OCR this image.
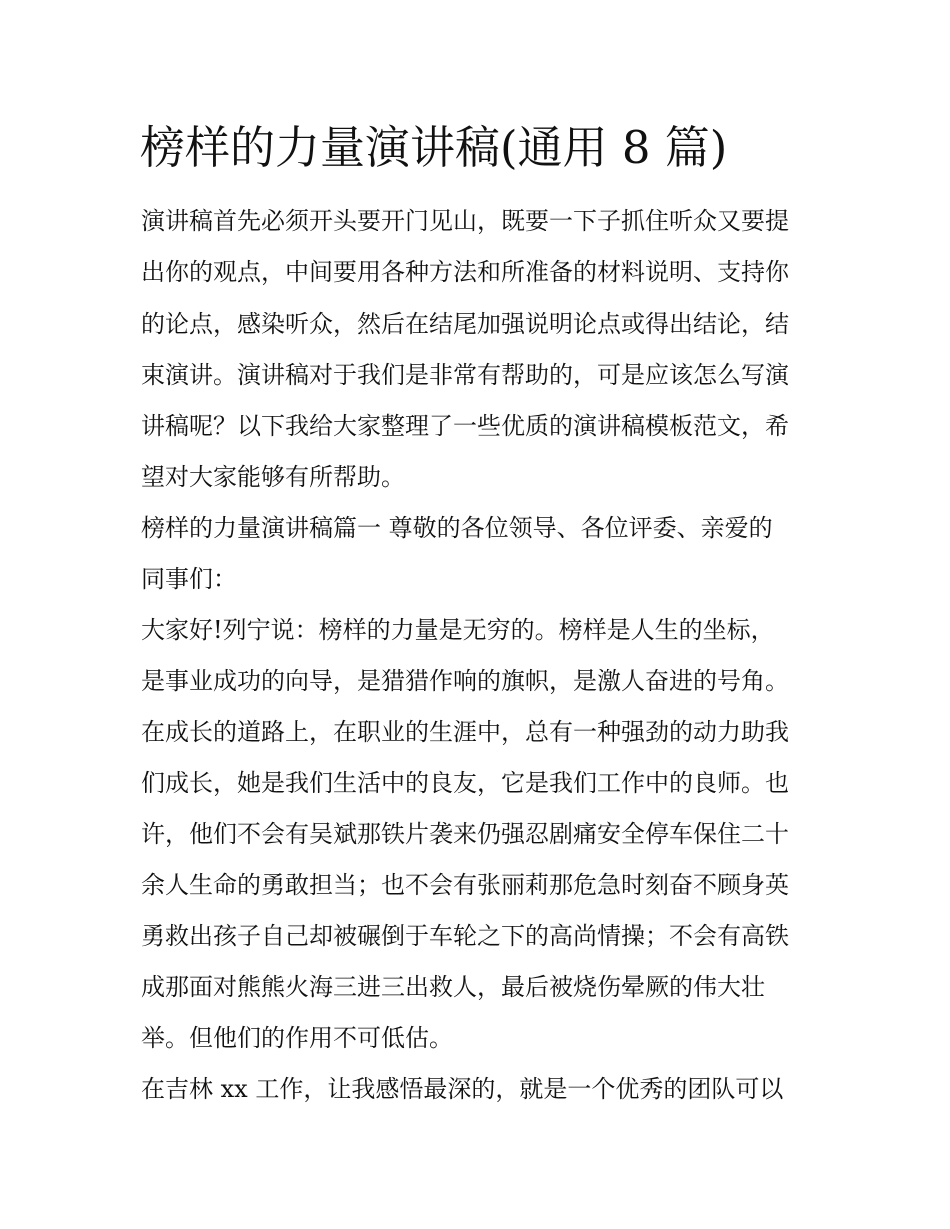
榜样的力量演讲稿(通用 8 篇)
演讲稿首先必须开头要开门见山，既要一下子抓住听众又要提
出你的观点，中间要用各种方法和所准备的材料说明、支持你
的论点，感染听众，然后在结尾加强说明论点或得出结论，结
束演讲。演讲稿对于我们是非常有帮助的，可是应该怎么写演
讲稿呢？以下我给大家整理了一些优质的演讲稿模板范文，希
望对大家能够有所帮助。
榜样的力量演讲稿篇一 尊敬的各位领导、各位评委、亲爱的
同事们：
大家好!列宁说：榜样的力量是无穷的。榜样是人生的坐标，
是事业成功的向导，是猎猎作响的旗帜，是激人奋进的号角。
在成长的道路上，在职业的生涯中，总有一种强劲的动力助我
们成长，她是我们生活中的良友，它是我们工作中的良师。也
许，他们不会有吴斌那铁片袭来仍强忍剧痛安全停车保住二十
余人生命的勇敢担当；也不会有张丽莉那危急时刻奋不顾身英
勇救出孩子自己却被碾倒于车轮之下的高尚情操；不会有高铁
成那面对熊熊火海三进三出救人，最后被烧伤晕厥的伟大壮
举。但他们的作用不可低估。
在吉林 xx 工作，让我感悟最深的，就是一个优秀的团队可以
